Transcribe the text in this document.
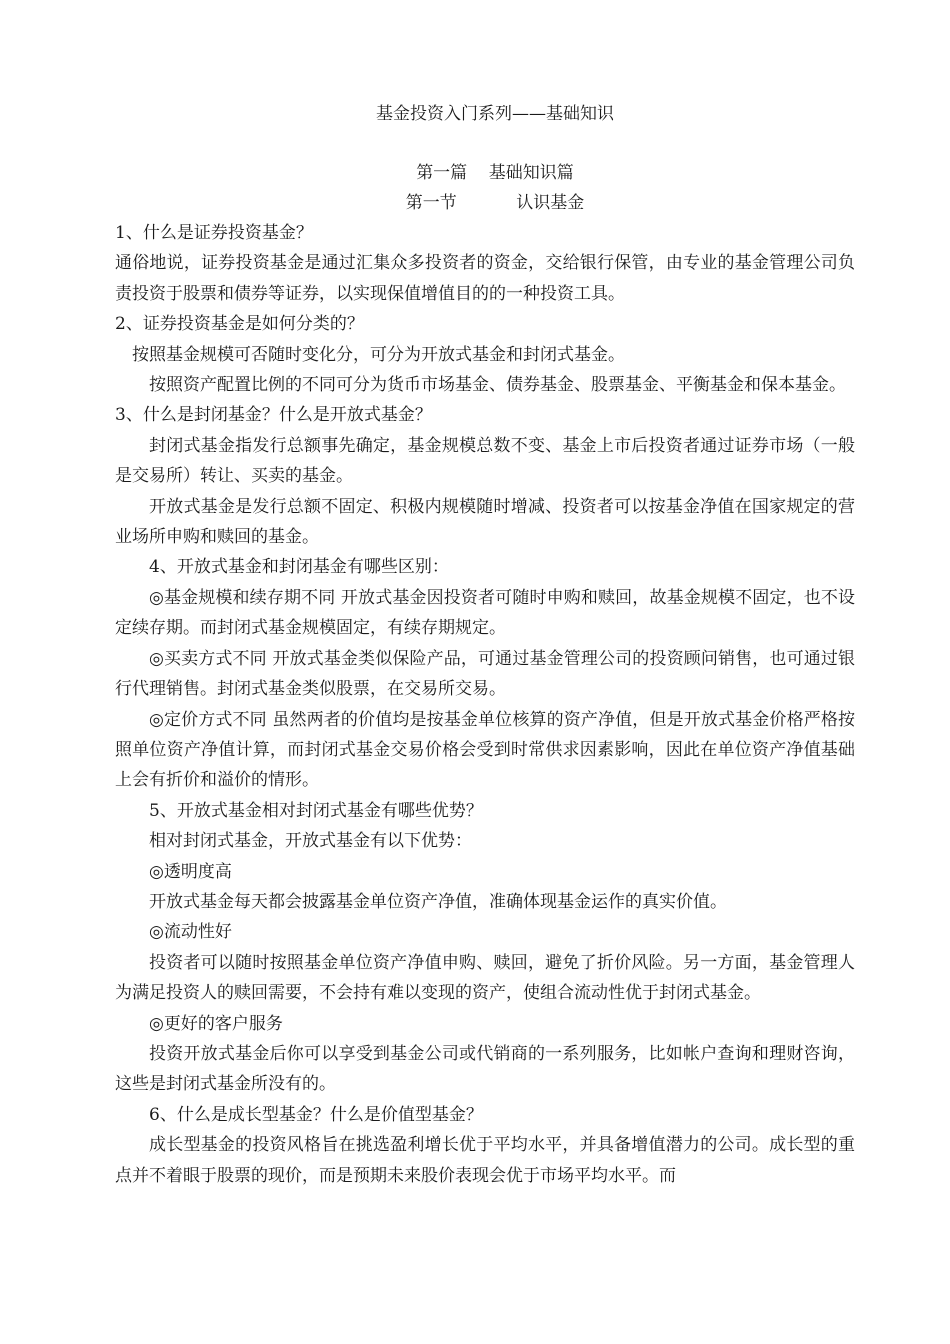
基金投资入门系列——基础知识

第一篇    基础知识篇

第一节           认识基金

1、什么是证券投资基金？

通俗地说，证券投资基金是通过汇集众多投资者的资金，交给银行保管，由专业的基金管理公司负责投资于股票和债券等证券，以实现保值增值目的的一种投资工具。

2、证券投资基金是如何分类的？

按照基金规模可否随时变化分，可分为开放式基金和封闭式基金。

按照资产配置比例的不同可分为货币市场基金、债券基金、股票基金、平衡基金和保本基金。

3、什么是封闭基金？什么是开放式基金？

封闭式基金指发行总额事先确定，基金规模总数不变、基金上市后投资者通过证券市场（一般是交易所）转让、买卖的基金。

开放式基金是发行总额不固定、积极内规模随时增减、投资者可以按基金净值在国家规定的营业场所申购和赎回的基金。

4、开放式基金和封闭基金有哪些区别：

◎基金规模和续存期不同 开放式基金因投资者可随时申购和赎回，故基金规模不固定，也不设定续存期。而封闭式基金规模固定，有续存期规定。

◎买卖方式不同 开放式基金类似保险产品，可通过基金管理公司的投资顾问销售，也可通过银行代理销售。封闭式基金类似股票，在交易所交易。

◎定价方式不同 虽然两者的价值均是按基金单位核算的资产净值，但是开放式基金价格严格按照单位资产净值计算，而封闭式基金交易价格会受到时常供求因素影响，因此在单位资产净值基础上会有折价和溢价的情形。

5、开放式基金相对封闭式基金有哪些优势？

相对封闭式基金，开放式基金有以下优势：

◎透明度高

开放式基金每天都会披露基金单位资产净值，准确体现基金运作的真实价值。

◎流动性好

投资者可以随时按照基金单位资产净值申购、赎回，避免了折价风险。另一方面，基金管理人为满足投资人的赎回需要，不会持有难以变现的资产，使组合流动性优于封闭式基金。

◎更好的客户服务

投资开放式基金后你可以享受到基金公司或代销商的一系列服务，比如帐户查询和理财咨询，这些是封闭式基金所没有的。

6、什么是成长型基金？什么是价值型基金？

成长型基金的投资风格旨在挑选盈利增长优于平均水平，并具备增值潜力的公司。成长型的重点并不着眼于股票的现价，而是预期未来股价表现会优于市场平均水平。而
